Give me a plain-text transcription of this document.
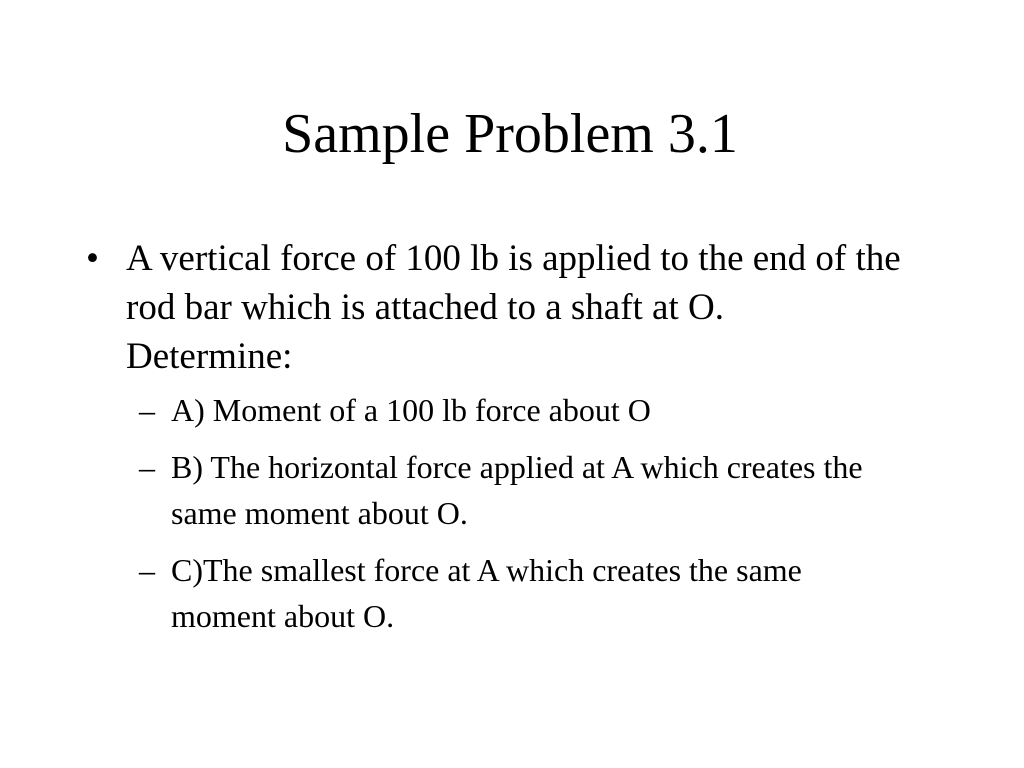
Sample Problem 3.1
• A vertical force of 100 lb is applied to the end of the rod bar which is attached to a shaft at O.  Determine:
– A) Moment of a 100 lb force about O
– B) The horizontal force applied at A which creates the same moment about O.
– C)The smallest force at A which creates the same moment about O.
